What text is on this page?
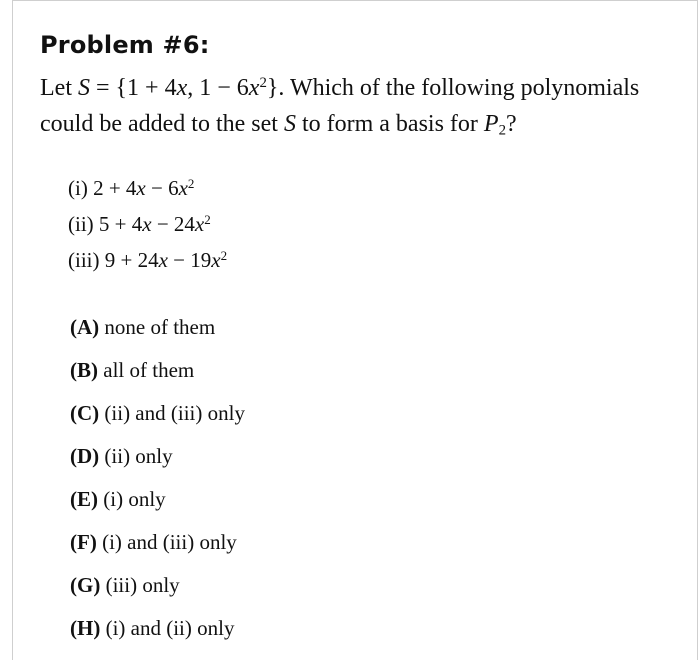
Problem #6:

Let S = {1 + 4x, $1 - 6x^2$}. Which of the following polynomials could be added to the set S to form a basis for $P_2$?

(i) $2 + 4x - 6x^2$
(ii) $5 + 4x - 24x^2$
(iii) $9 + 24x - 19x^2$
(A) none of them
(B) all of them
(C) (ii) and (iii) only
(D) (ii) only
(E) (i) only
(F) (i) and (iii) only
(G) (iii) only
(H) (i) and (ii) only
